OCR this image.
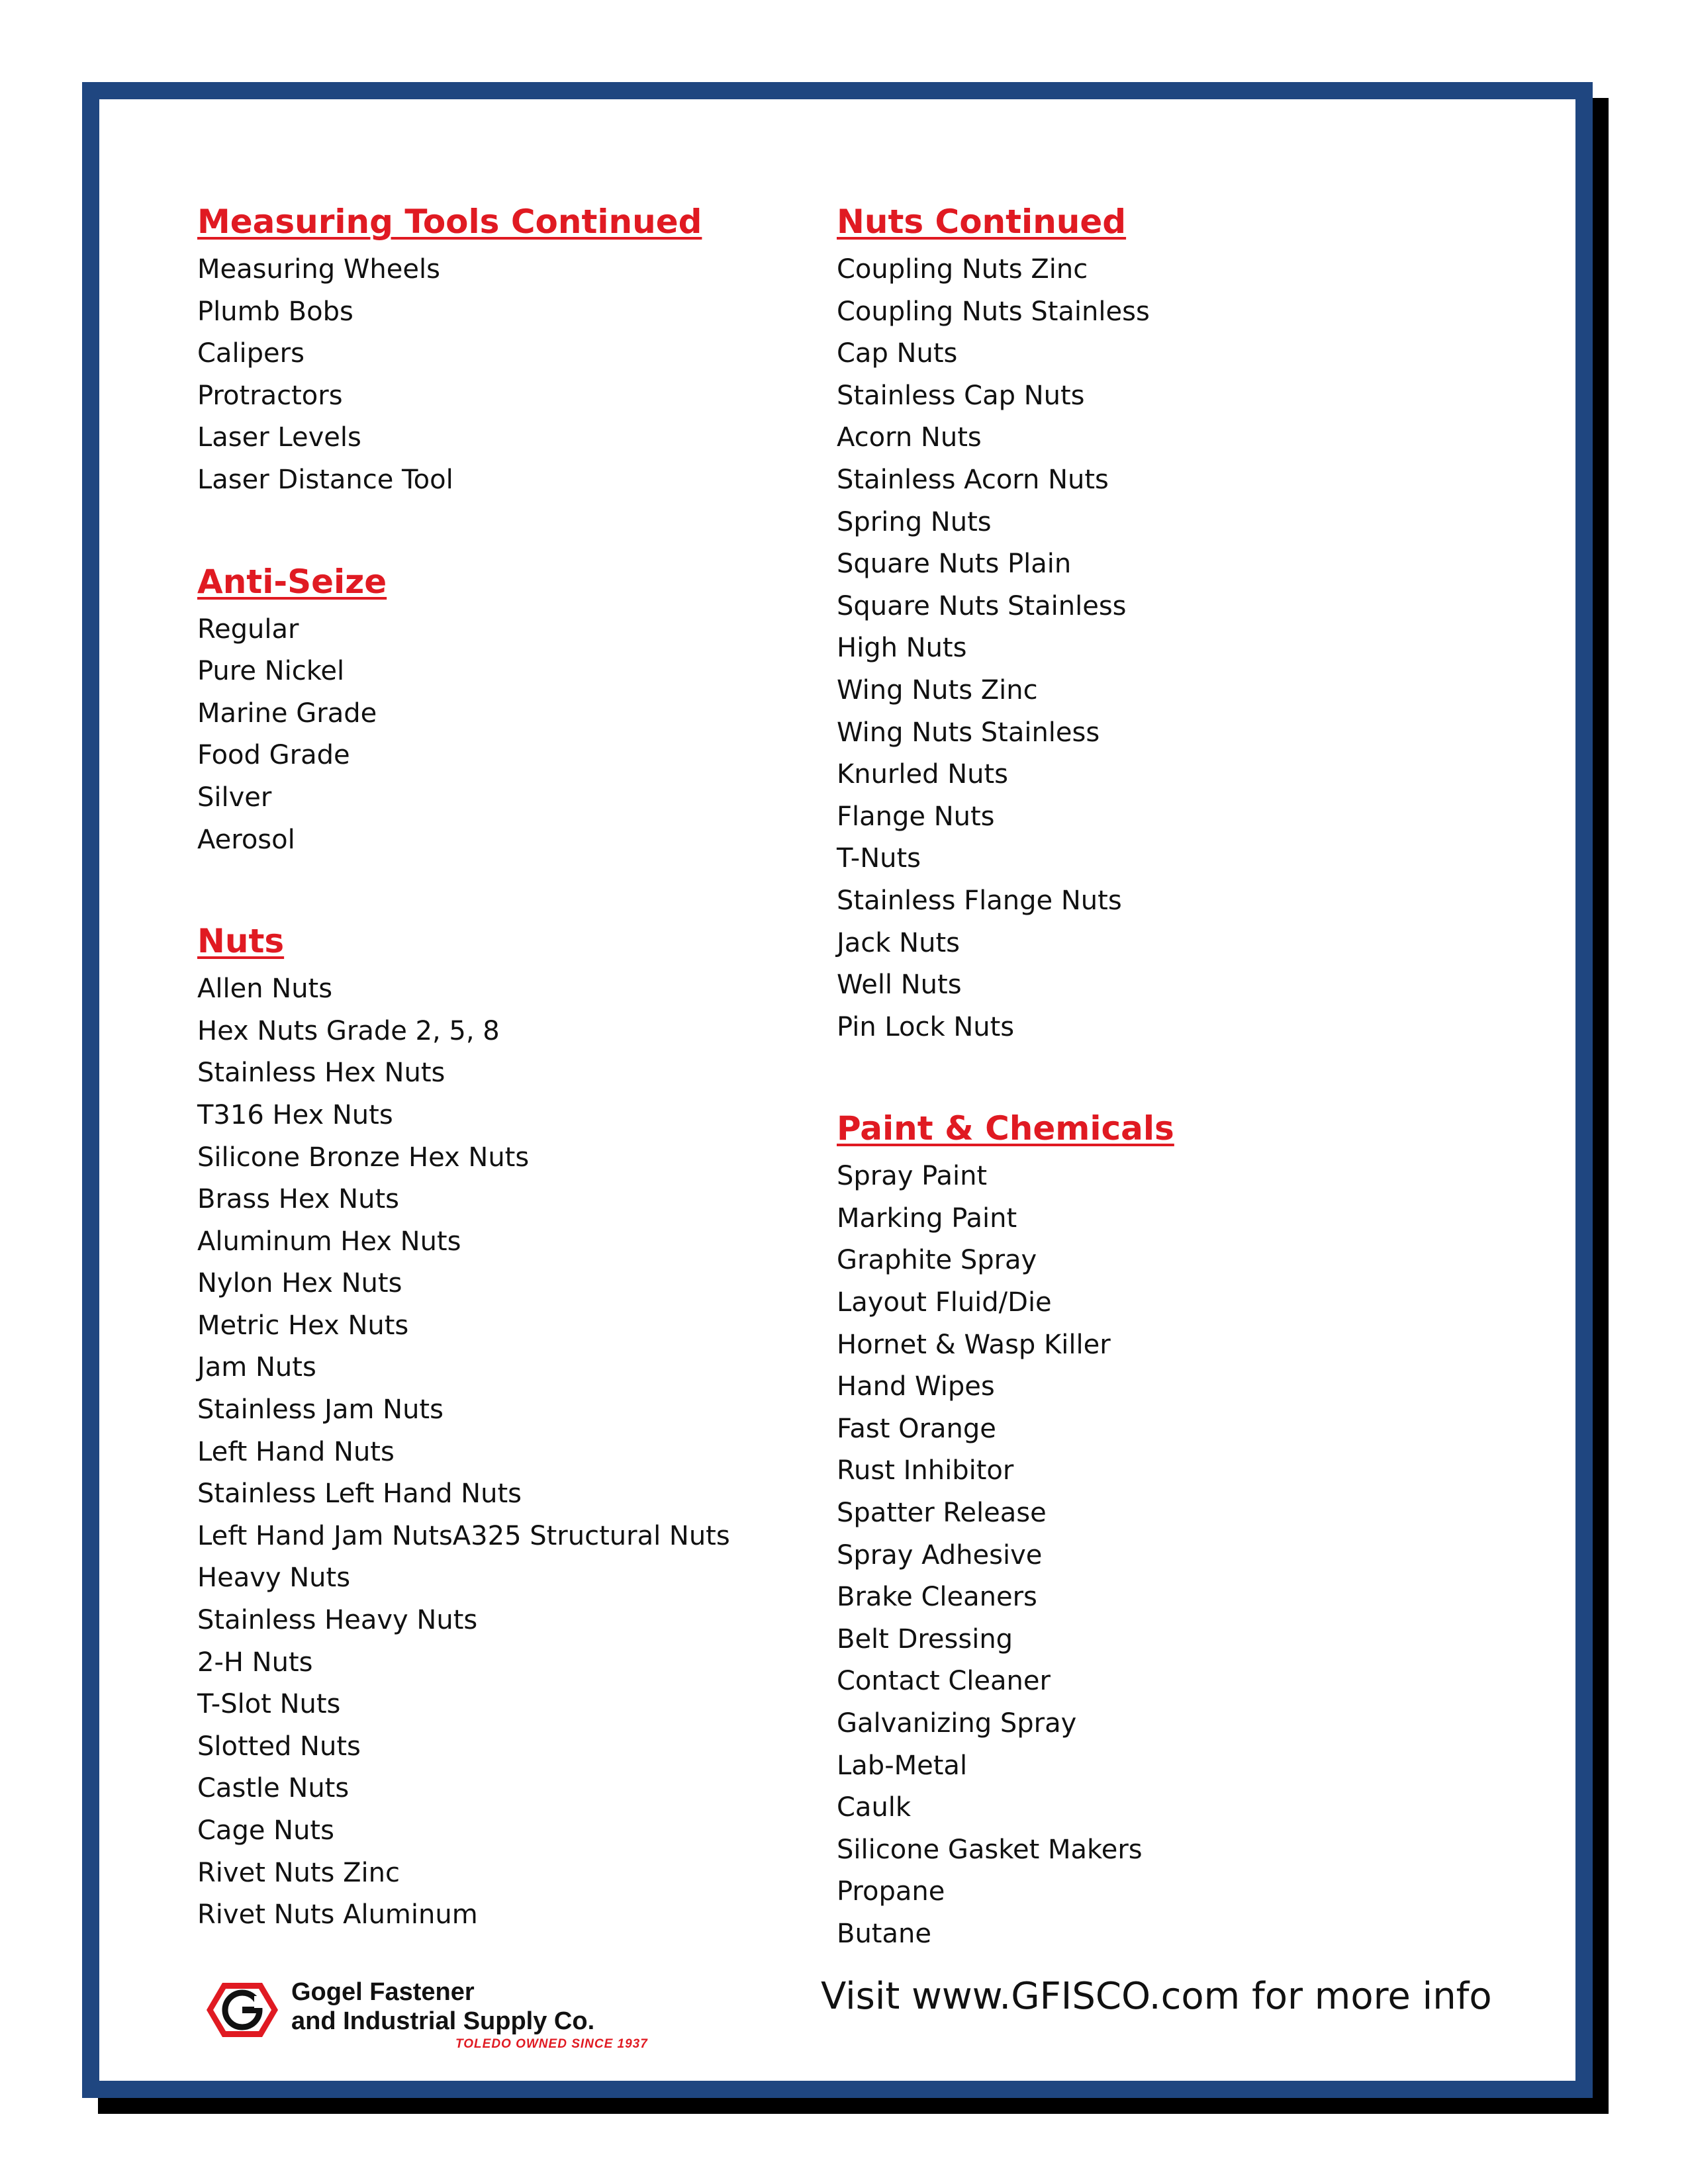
Measuring Tools Continued
Measuring Wheels
Plumb Bobs
Calipers
Protractors
Laser Levels
Laser Distance Tool
Anti-Seize
Regular
Pure Nickel
Marine Grade
Food Grade
Silver
Aerosol
Nuts
Allen Nuts
Hex Nuts Grade 2, 5, 8
Stainless Hex Nuts
T316 Hex Nuts
Silicone Bronze Hex Nuts
Brass Hex Nuts
Aluminum Hex Nuts
Nylon Hex Nuts
Metric Hex Nuts
Jam Nuts
Stainless Jam Nuts
Left Hand Nuts
Stainless Left Hand Nuts
Left Hand Jam NutsA325 Structural Nuts
Heavy Nuts
Stainless Heavy Nuts
2-H Nuts
T-Slot Nuts
Slotted Nuts
Castle Nuts
Cage Nuts
Rivet Nuts Zinc
Rivet Nuts Aluminum
Nuts Continued
Coupling Nuts Zinc
Coupling Nuts Stainless
Cap Nuts
Stainless Cap Nuts
Acorn Nuts
Stainless Acorn Nuts
Spring Nuts
Square Nuts Plain
Square Nuts Stainless
High Nuts
Wing Nuts Zinc
Wing Nuts Stainless
Knurled Nuts
Flange Nuts
T-Nuts
Stainless Flange Nuts
Jack Nuts
Well Nuts
Pin Lock Nuts
Paint & Chemicals
Spray Paint
Marking Paint
Graphite Spray
Layout Fluid/Die
Hornet & Wasp Killer
Hand Wipes
Fast Orange
Rust Inhibitor
Spatter Release
Spray Adhesive
Brake Cleaners
Belt Dressing
Contact Cleaner
Galvanizing Spray
Lab-Metal
Caulk
Silicone Gasket Makers
Propane
Butane
Gogel Fastener
and Industrial Supply Co.
TOLEDO OWNED SINCE 1937
Visit www.GFISCO.com for more info
